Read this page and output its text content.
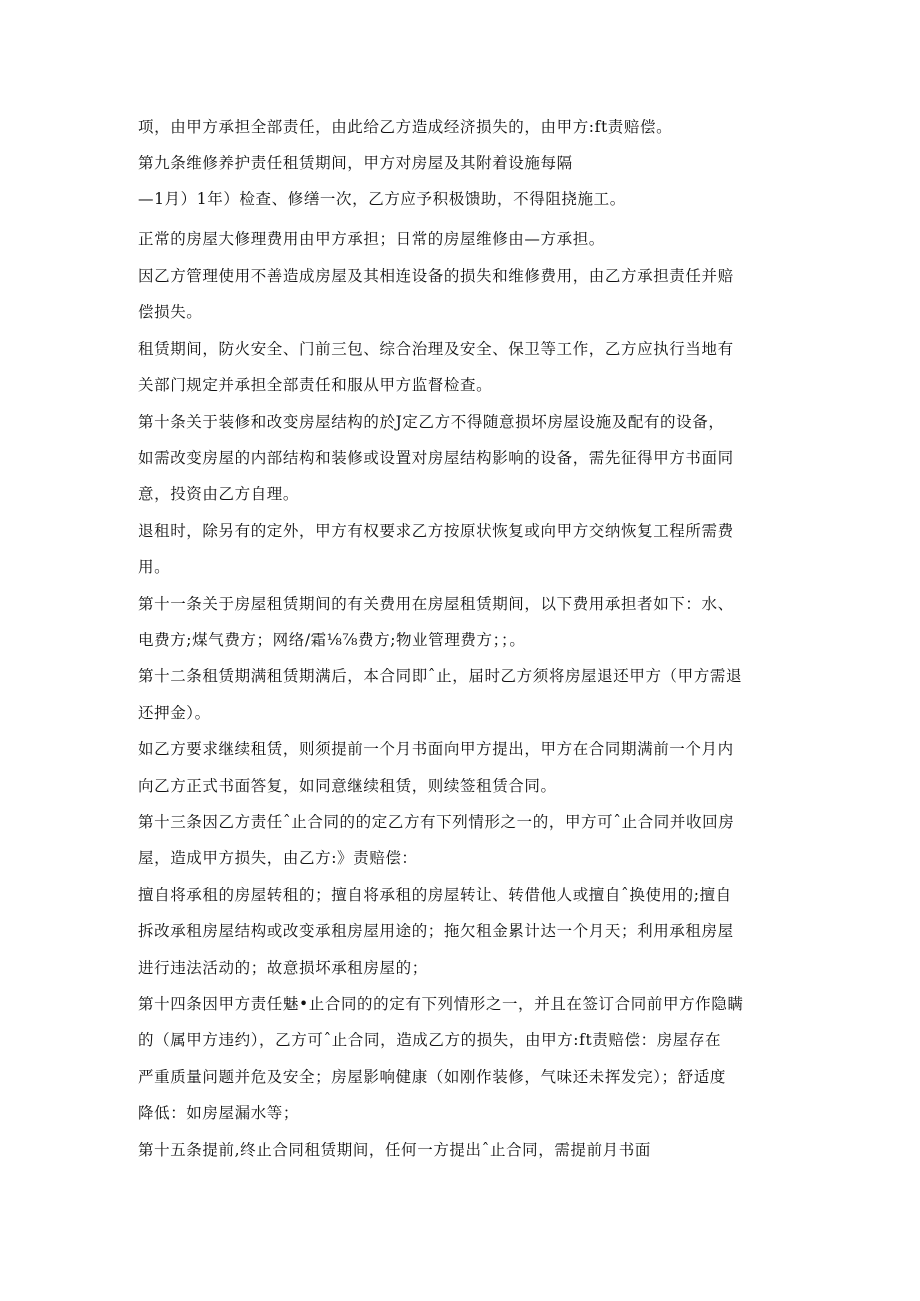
项，由甲方承担全部责任，由此给乙方造成经济损失的，由甲方:ft责赔偿。
第九条维修养护责任租赁期间，甲方对房屋及其附着设施每隔
—1月）1年）检查、修缮一次，乙方应予积极馈助，不得阻挠施工。
正常的房屋大修理费用由甲方承担；日常的房屋维修由—方承担。
因乙方管理使用不善造成房屋及其相连设备的损失和维修费用，由乙方承担责任并赔
偿损失。
租赁期间，防火安全、门前三包、综合治理及安全、保卫等工作，乙方应执行当地有
关部门规定并承担全部责任和服从甲方监督检查。
第十条关于装修和改变房屋结构的於J定乙方不得随意损坏房屋设施及配有的设备，
如需改变房屋的内部结构和装修或设置对房屋结构影响的设备，需先征得甲方书面同
意，投资由乙方自理。
退租时，除另有的定外，甲方有权要求乙方按原状恢复或向甲方交纳恢复工程所需费
用。
第十一条关于房屋租赁期间的有关费用在房屋租赁期间，以下费用承担者如下：水、
电费方;煤气费方；网络/霜⅛⅞费方;物业管理费方；；。
第十二条租赁期满租赁期满后，本合同即ˆ止，届时乙方须将房屋退还甲方（甲方需退
还押金）。
如乙方要求继续租赁，则须提前一个月书面向甲方提出，甲方在合同期满前一个月内
向乙方正式书面答复，如同意继续租赁，则续签租赁合同。
第十三条因乙方责任ˆ止合同的的定乙方有下列情形之一的，甲方可ˆ止合同并收回房
屋，造成甲方损失，由乙方:》责赔偿：
擅自将承租的房屋转租的；擅自将承租的房屋转让、转借他人或擅自ˆ换使用的;擅自
拆改承租房屋结构或改变承租房屋用途的；拖欠租金累计达一个月天；利用承租房屋
进行违法活动的；故意损坏承租房屋的；
第十四条因甲方责任魅•止合同的的定有下列情形之一，并且在签订合同前甲方作隐瞒
的（属甲方违约），乙方可ˆ止合同，造成乙方的损失，由甲方:ft责赔偿：房屋存在
严重质量问题并危及安全；房屋影响健康（如刚作装修，气味还未挥发完）；舒适度
降低：如房屋漏水等；
第十五条提前,终止合同租赁期间，任何一方提出ˆ止合同，需提前月书面
